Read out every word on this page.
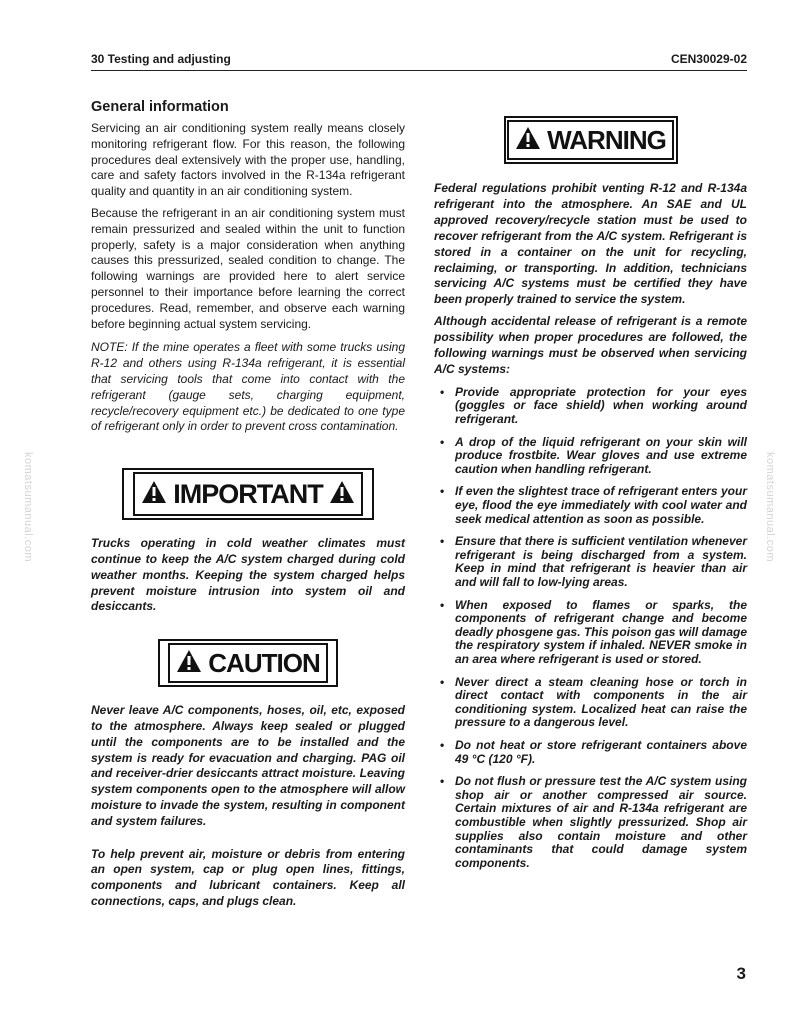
30 Testing and adjusting	CEN30029-02
komatsumanual.com	komatsumanual.com
General information

Servicing an air conditioning system really means closely monitoring refrigerant flow. For this reason, the following procedures deal extensively with the proper use, handling, care and safety factors involved in the R-134a refrigerant quality and quantity in an air conditioning system.

Because the refrigerant in an air conditioning system must remain pressurized and sealed within the unit to function properly, safety is a major consideration when anything causes this pressurized, sealed condition to change. The following warnings are provided here to alert service personnel to their importance before learning the correct procedures. Read, remember, and observe each warning before beginning actual system servicing.

NOTE: If the mine operates a fleet with some trucks using R-12 and others using R-134a refrigerant, it is essential that servicing tools that come into contact with the refrigerant (gauge sets, charging equipment, recycle/recovery equipment etc.) be dedicated to one type of refrigerant only in order to prevent cross contamination.

IMPORTANT

Trucks operating in cold weather climates must continue to keep the A/C system charged during cold weather months. Keeping the system charged helps prevent moisture intrusion into system oil and desiccants.

CAUTION

Never leave A/C components, hoses, oil, etc, exposed to the atmosphere. Always keep sealed or plugged until the components are to be installed and the system is ready for evacuation and charging. PAG oil and receiver-drier desiccants attract moisture. Leaving system components open to the atmosphere will allow moisture to invade the system, resulting in component and system failures.

To help prevent air, moisture or debris from entering an open system, cap or plug open lines, fittings, components and lubricant containers. Keep all connections, caps, and plugs clean.

WARNING

Federal regulations prohibit venting R-12 and R-134a refrigerant into the atmosphere. An SAE and UL approved recovery/recycle station must be used to recover refrigerant from the A/C system. Refrigerant is stored in a container on the unit for recycling, reclaiming, or transporting. In addition, technicians servicing A/C systems must be certified they have been properly trained to service the system.

Although accidental release of refrigerant is a remote possibility when proper procedures are followed, the following warnings must be observed when servicing A/C systems:

• Provide appropriate protection for your eyes (goggles or face shield) when working around refrigerant.
• A drop of the liquid refrigerant on your skin will produce frostbite. Wear gloves and use extreme caution when handling refrigerant.
• If even the slightest trace of refrigerant enters your eye, flood the eye immediately with cool water and seek medical attention as soon as possible.
• Ensure that there is sufficient ventilation whenever refrigerant is being discharged from a system. Keep in mind that refrigerant is heavier than air and will fall to low-lying areas.
• When exposed to flames or sparks, the components of refrigerant change and become deadly phosgene gas. This poison gas will damage the respiratory system if inhaled. NEVER smoke in an area where refrigerant is used or stored.
• Never direct a steam cleaning hose or torch in direct contact with components in the air conditioning system. Localized heat can raise the pressure to a dangerous level.
• Do not heat or store refrigerant containers above 49 °C (120 °F).
• Do not flush or pressure test the A/C system using shop air or another compressed air source. Certain mixtures of air and R-134a refrigerant are combustible when slightly pressurized. Shop air supplies also contain moisture and other contaminants that could damage system components.
3
